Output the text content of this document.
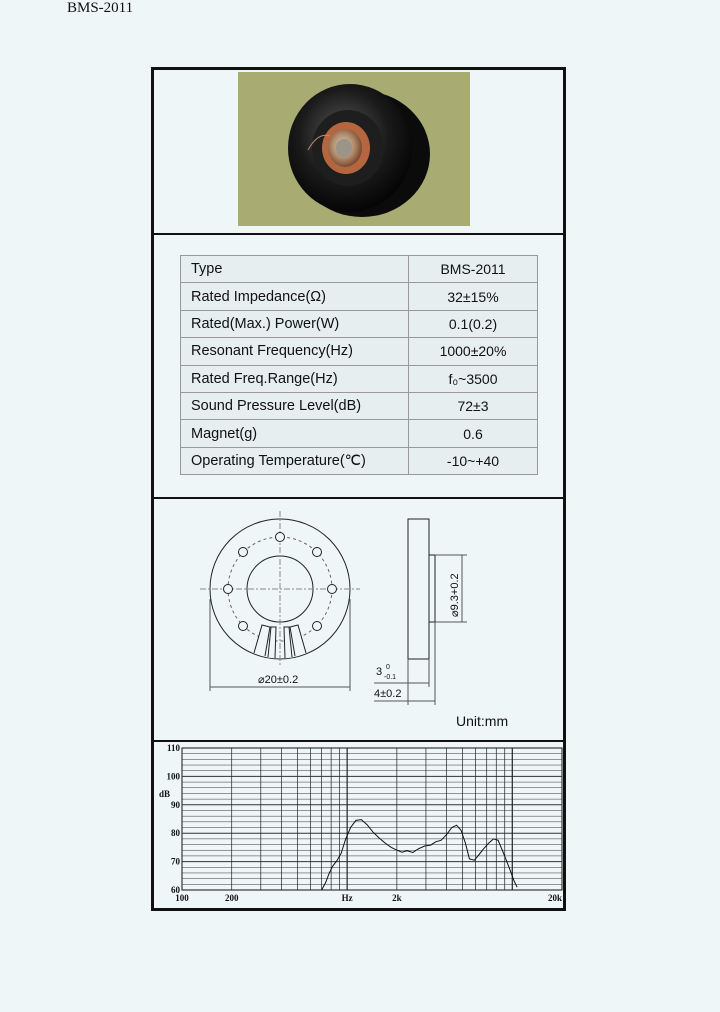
BMS-2011
Type	BMS-2011
Rated Impedance(Ω)	32±15%
Rated(Max.) Power(W)	0.1(0.2)
Resonant Frequency(Hz)	1000±20%
Rated Freq.Range(Hz)	f₀~3500
Sound Pressure Level(dB)	72±3
Magnet(g)	0.6
Operating Temperature(℃)	-10~+40
⌀20±0.2
⌀9.3+0.2
3 0
-0.1
4±0.2
Unit:mm
110
100
90
80
70
60
100	200	Hz	2k	20k
dB
